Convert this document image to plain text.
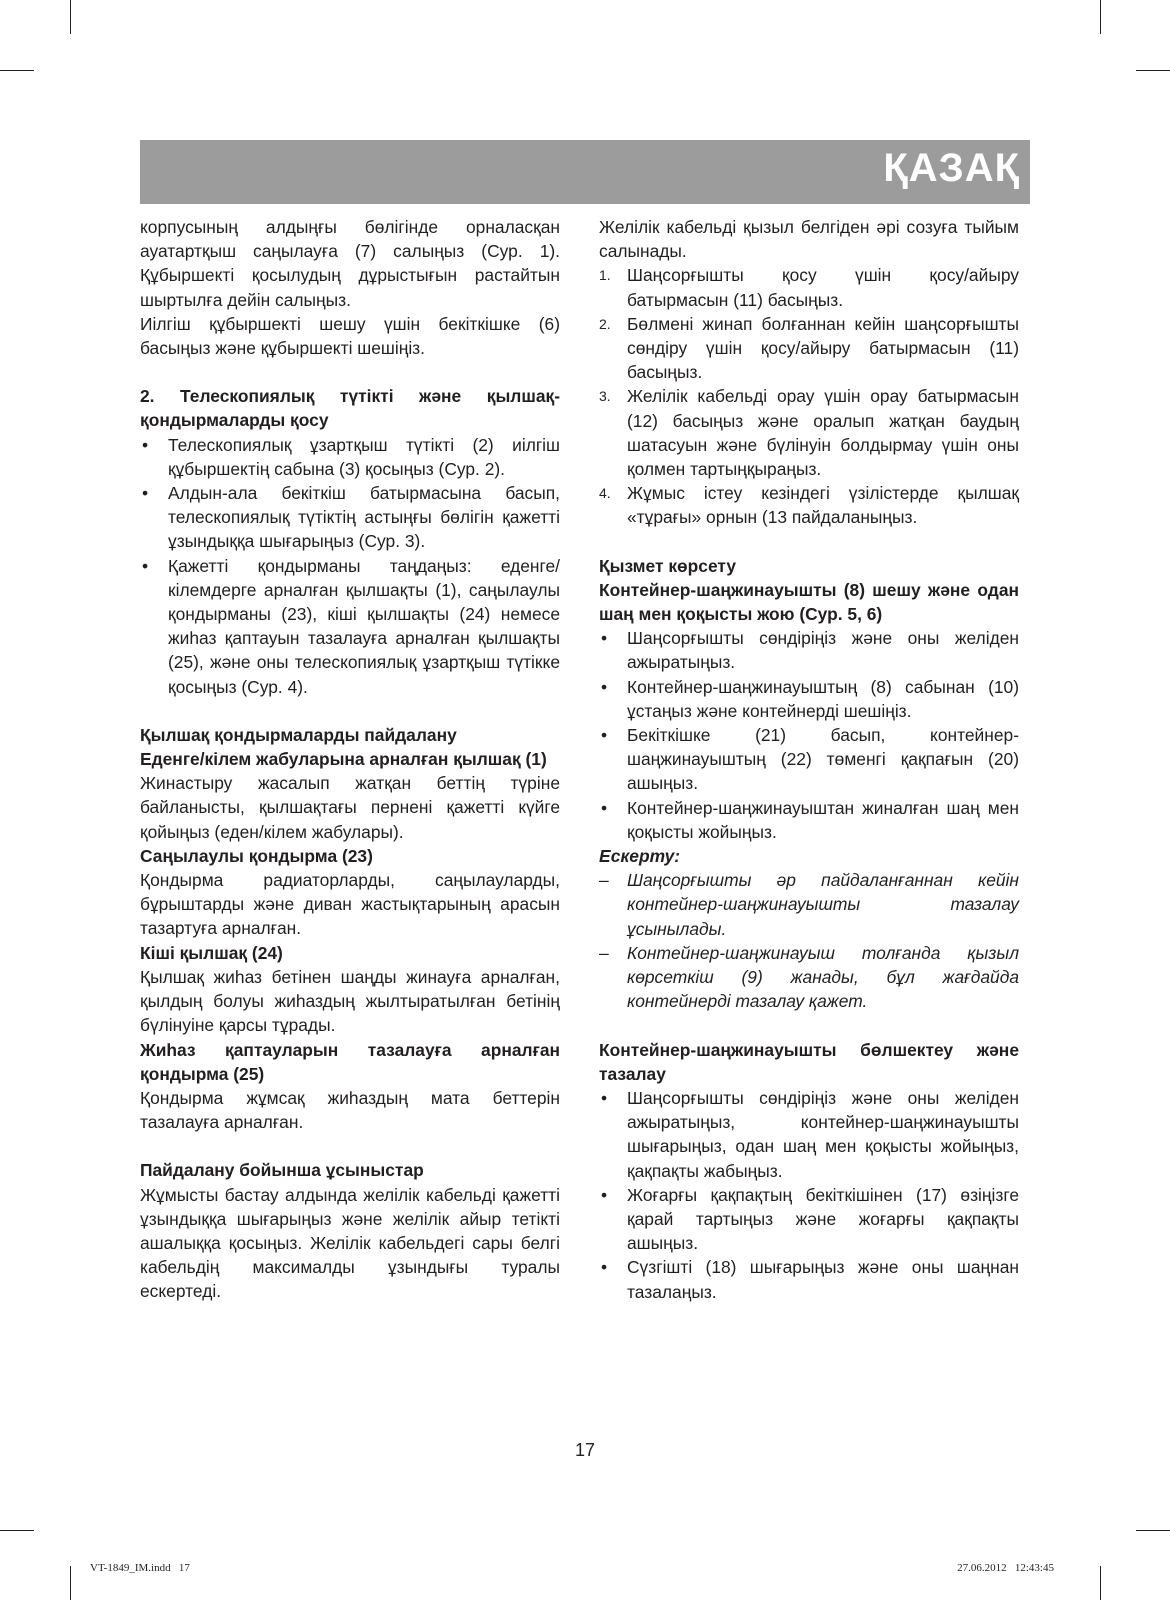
ҚАЗАҚ

корпусының алдыңғы бөлігінде орналасқан ауатартқыш саңылауға (7) салыңыз (Сур. 1). Құбыршекті қосылудың дұрыстығын растайтын шыртылға дейін салыңыз.

Иілгіш құбыршекті шешу үшін бекіткішке (6) басыңыз және құбыршекті шешіңіз.

2. Телескопиялық түтікті және қылшақ-қондырмаларды қосу

• Телескопиялық ұзартқыш түтікті (2) иілгіш құбыршектің сабына (3) қосыңыз (Сур. 2).
• Алдын-ала бекіткіш батырмасына басып, телескопиялық түтіктің астыңғы бөлігін қажетті ұзындыққа шығарыңыз (Сур. 3).
• Қажетті қондырманы таңдаңыз: еденге/кілемдерге арналған қылшақты (1), саңылаулы қондырманы (23), кіші қылшақты (24) немесе жиһаз қаптауын тазалауға арналған қылшақты (25), және оны телескопиялық ұзартқыш түтікке қосыңыз (Сур. 4).

Қылшақ қондырмаларды пайдалану

Еденге/кілем жабуларына арналған қылшақ (1)

Жинастыру жасалып жатқан беттің түріне байланысты, қылшақтағы пернені қажетті күйге қойыңыз (еден/кілем жабулары).

Саңылаулы қондырма (23)

Қондырма радиаторларды, саңылауларды, бұрыштарды және диван жастықтарының арасын тазартуға арналған.

Кіші қылшақ (24)

Қылшақ жиһаз бетінен шаңды жинауға арналған, қылдың болуы жиһаздың жылтыратылған бетінің бүлінуіне қарсы тұрады.

Жиһаз қаптауларын тазалауға арналған қондырма (25)

Қондырма жұмсақ жиһаздың мата беттерін тазалауға арналған.

Пайдалану бойынша ұсыныстар

Жұмысты бастау алдында желілік кабельді қажетті ұзындыққа шығарыңыз және желілік айыр тетікті ашалыққа қосыңыз. Желілік кабельдегі сары белгі кабельдің максималды ұзындығы туралы ескертеді.

Желілік кабельді қызыл белгіден әрі созуға тыйым салынады.

1. Шаңсорғышты қосу үшін қосу/айыру батырмасын (11) басыңыз.
2. Бөлмені жинап болғаннан кейін шаңсорғышты сөндіру үшін қосу/айыру батырмасын (11) басыңыз.
3. Желілік кабельді орау үшін орау батырмасын (12) басыңыз және оралып жатқан баудың шатасуын және бүлінуін болдырмау үшін оны қолмен тартыңқыраңыз.
4. Жұмыс істеу кезіндегі үзілістерде қылшақ «тұрағы» орнын (13 пайдаланыңыз.

Қызмет көрсету

Контейнер-шаңжинауышты (8) шешу және одан шаң мен қоқысты жою (Сур. 5, 6)

• Шаңсорғышты сөндіріңіз және оны желіден ажыратыңыз.
• Контейнер-шаңжинауыштың (8) сабынан (10) ұстаңыз және контейнерді шешіңіз.
• Бекіткішке (21) басып, контейнер-шаңжинауыштың (22) төменгі қақпағын (20) ашыңыз.
• Контейнер-шаңжинауыштан жиналған шаң мен қоқысты жойыңыз.

Ескерту:

– Шаңсорғышты әр пайдаланғаннан кейін контейнер-шаңжинауышты тазалау ұсынылады.
– Контейнер-шаңжинауыш толғанда қызыл көрсеткіш (9) жанады, бұл жағдайда контейнерді тазалау қажет.

Контейнер-шаңжинауышты бөлшектеу және тазалау

• Шаңсорғышты сөндіріңіз және оны желіден ажыратыңыз, контейнер-шаңжинауышты шығарыңыз, одан шаң мен қоқысты жойыңыз, қақпақты жабыңыз.
• Жоғарғы қақпақтың бекіткішінен (17) өзіңізге қарай тартыңыз және жоғарғы қақпақты ашыңыз.
• Сүзгішті (18) шығарыңыз және оны шаңнан тазалаңыз.
17
VT-1849_IM.indd   17	27.06.2012   12:43:45
